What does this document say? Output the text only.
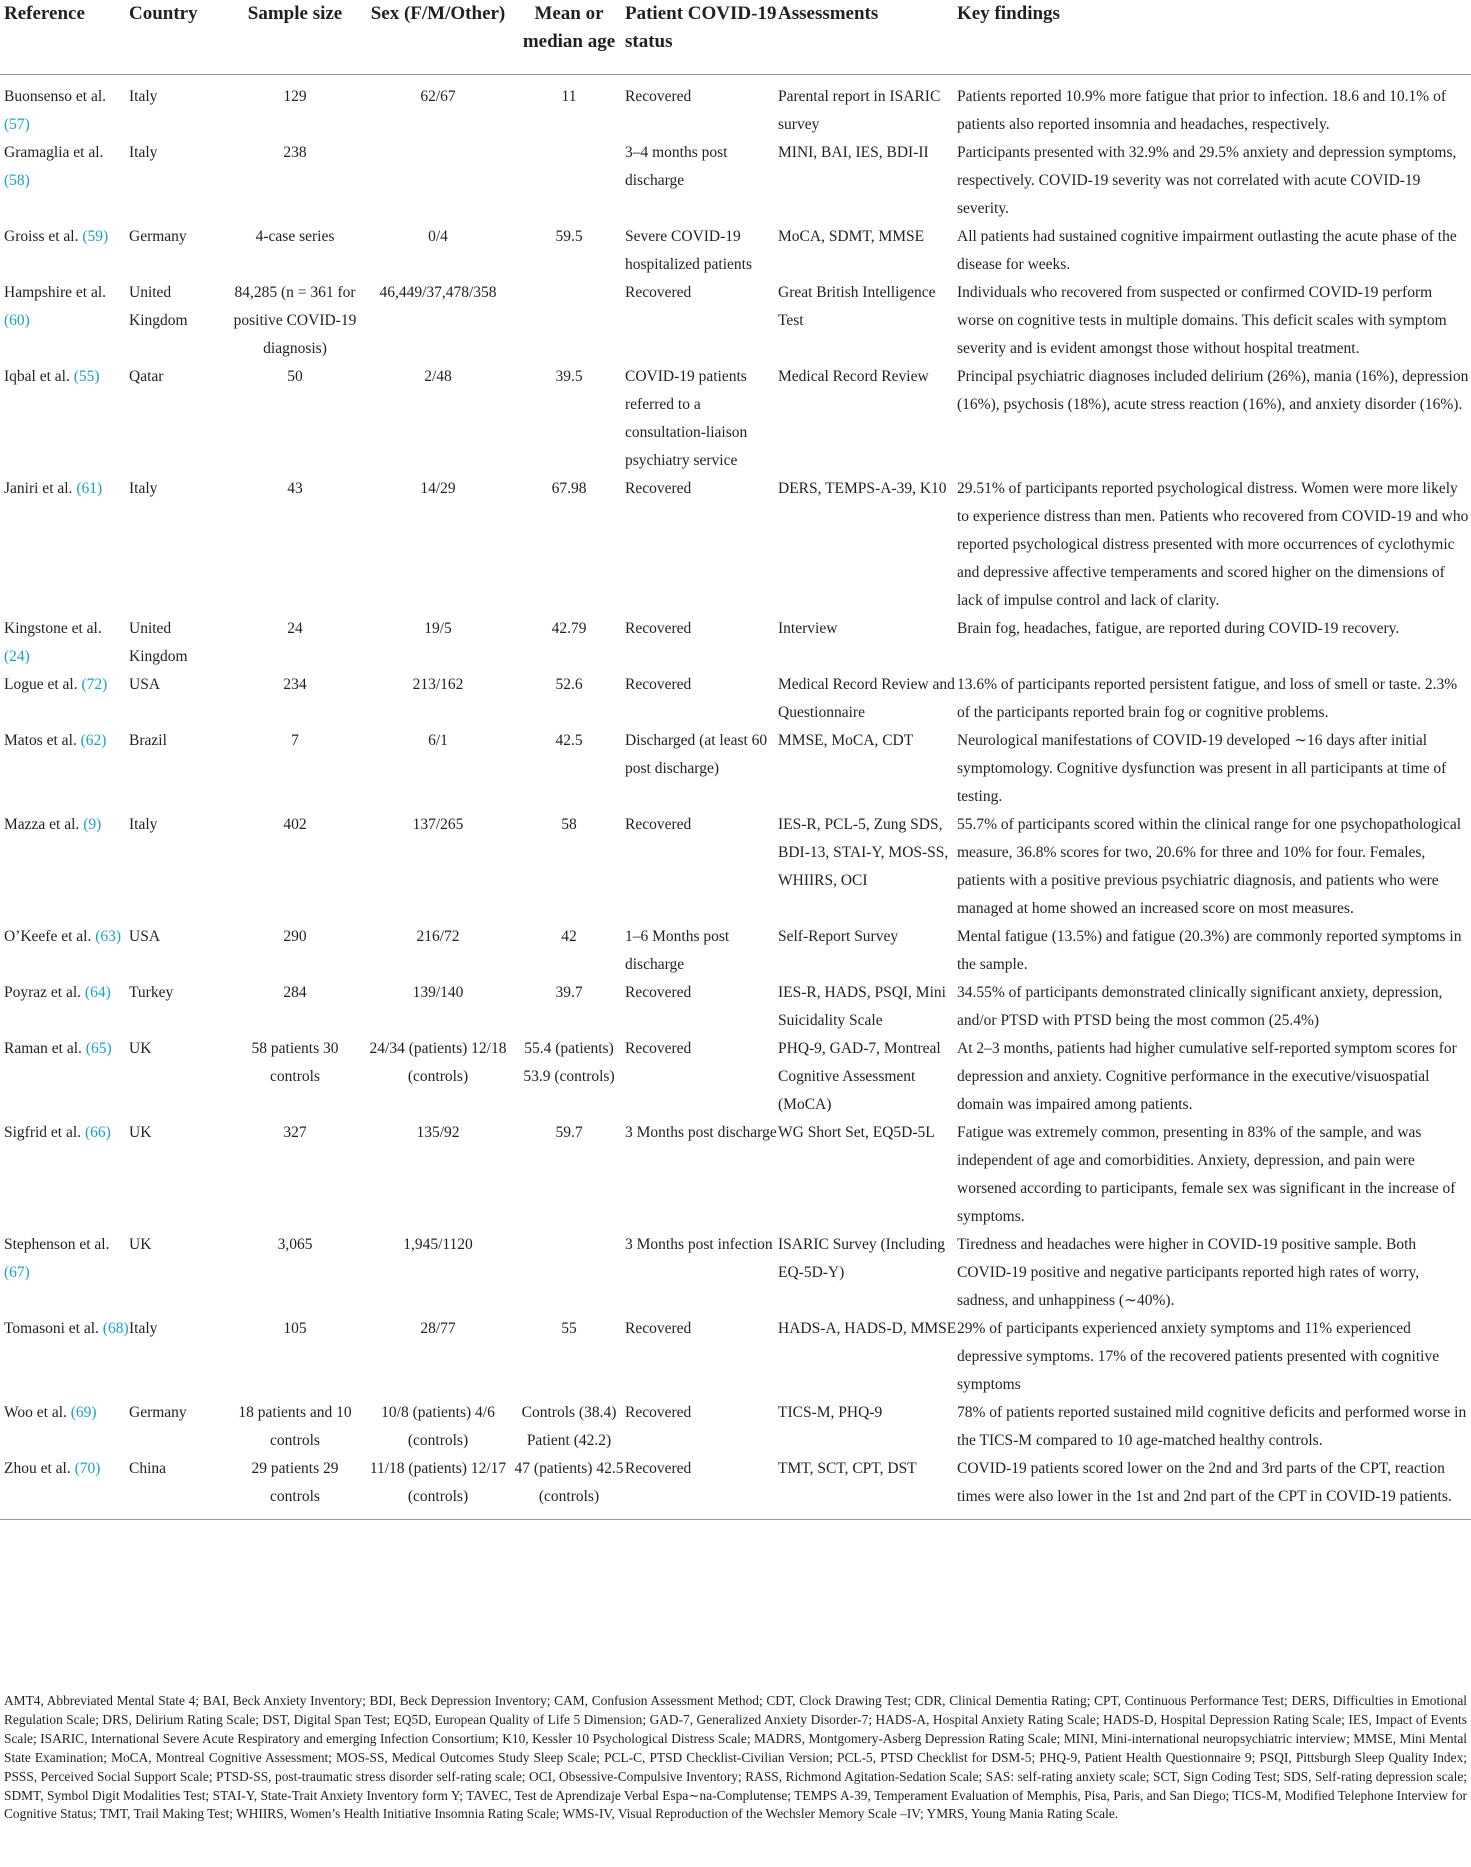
Reference	Country	Sample size	Sex (F/M/Other)	Mean or median age	Patient COVID-19 status	Assessments	Key findings
Buonsenso et al. (57)	Italy	129	62/67	11	Recovered	Parental report in ISARIC survey	Patients reported 10.9% more fatigue that prior to infection. 18.6 and 10.1% of patients also reported insomnia and headaches, respectively.
Gramaglia et al. (58)	Italy	238			3–4 months post discharge	MINI, BAI, IES, BDI-II	Participants presented with 32.9% and 29.5% anxiety and depression symptoms, respectively. COVID-19 severity was not correlated with acute COVID-19 severity.
Groiss et al. (59)	Germany	4-case series	0/4	59.5	Severe COVID-19 hospitalized patients	MoCA, SDMT, MMSE	All patients had sustained cognitive impairment outlasting the acute phase of the disease for weeks.
Hampshire et al. (60)	United Kingdom	84,285 (n = 361 for positive COVID-19 diagnosis)	46,449/37,478/358		Recovered	Great British Intelligence Test	Individuals who recovered from suspected or confirmed COVID-19 perform worse on cognitive tests in multiple domains. This deficit scales with symptom severity and is evident amongst those without hospital treatment.
Iqbal et al. (55)	Qatar	50	2/48	39.5	COVID-19 patients referred to a consultation-liaison psychiatry service	Medical Record Review	Principal psychiatric diagnoses included delirium (26%), mania (16%), depression (16%), psychosis (18%), acute stress reaction (16%), and anxiety disorder (16%).
Janiri et al. (61)	Italy	43	14/29	67.98	Recovered	DERS, TEMPS-A-39, K10	29.51% of participants reported psychological distress. Women were more likely to experience distress than men. Patients who recovered from COVID-19 and who reported psychological distress presented with more occurrences of cyclothymic and depressive affective temperaments and scored higher on the dimensions of lack of impulse control and lack of clarity.
Kingstone et al. (24)	United Kingdom	24	19/5	42.79	Recovered	Interview	Brain fog, headaches, fatigue, are reported during COVID-19 recovery.
Logue et al. (72)	USA	234	213/162	52.6	Recovered	Medical Record Review and Questionnaire	13.6% of participants reported persistent fatigue, and loss of smell or taste. 2.3% of the participants reported brain fog or cognitive problems.
Matos et al. (62)	Brazil	7	6/1	42.5	Discharged (at least 60 post discharge)	MMSE, MoCA, CDT	Neurological manifestations of COVID-19 developed ∼16 days after initial symptomology. Cognitive dysfunction was present in all participants at time of testing.
Mazza et al. (9)	Italy	402	137/265	58	Recovered	IES-R, PCL-5, Zung SDS, BDI-13, STAI-Y, MOS-SS, WHIIRS, OCI	55.7% of participants scored within the clinical range for one psychopathological measure, 36.8% scores for two, 20.6% for three and 10% for four. Females, patients with a positive previous psychiatric diagnosis, and patients who were managed at home showed an increased score on most measures.
O’Keefe et al. (63)	USA	290	216/72	42	1–6 Months post discharge	Self-Report Survey	Mental fatigue (13.5%) and fatigue (20.3%) are commonly reported symptoms in the sample.
Poyraz et al. (64)	Turkey	284	139/140	39.7	Recovered	IES-R, HADS, PSQI, Mini Suicidality Scale	34.55% of participants demonstrated clinically significant anxiety, depression, and/or PTSD with PTSD being the most common (25.4%)
Raman et al. (65)	UK	58 patients 30 controls	24/34 (patients) 12/18 (controls)	55.4 (patients) 53.9 (controls)	Recovered	PHQ-9, GAD-7, Montreal Cognitive Assessment (MoCA)	At 2–3 months, patients had higher cumulative self-reported symptom scores for depression and anxiety. Cognitive performance in the executive/visuospatial domain was impaired among patients.
Sigfrid et al. (66)	UK	327	135/92	59.7	3 Months post discharge	WG Short Set, EQ5D-5L	Fatigue was extremely common, presenting in 83% of the sample, and was independent of age and comorbidities. Anxiety, depression, and pain were worsened according to participants, female sex was significant in the increase of symptoms.
Stephenson et al. (67)	UK	3,065	1,945/1120		3 Months post infection	ISARIC Survey (Including EQ-5D-Y)	Tiredness and headaches were higher in COVID-19 positive sample. Both COVID-19 positive and negative participants reported high rates of worry, sadness, and unhappiness (∼40%).
Tomasoni et al. (68)	Italy	105	28/77	55	Recovered	HADS-A, HADS-D, MMSE	29% of participants experienced anxiety symptoms and 11% experienced depressive symptoms. 17% of the recovered patients presented with cognitive symptoms
Woo et al. (69)	Germany	18 patients and 10 controls	10/8 (patients) 4/6 (controls)	Controls (38.4) Patient (42.2)	Recovered	TICS-M, PHQ-9	78% of patients reported sustained mild cognitive deficits and performed worse in the TICS-M compared to 10 age-matched healthy controls.
Zhou et al. (70)	China	29 patients 29 controls	11/18 (patients) 12/17 (controls)	47 (patients) 42.5 (controls)	Recovered	TMT, SCT, CPT, DST	COVID-19 patients scored lower on the 2nd and 3rd parts of the CPT, reaction times were also lower in the 1st and 2nd part of the CPT in COVID-19 patients.
AMT4, Abbreviated Mental State 4; BAI, Beck Anxiety Inventory; BDI, Beck Depression Inventory; CAM, Confusion Assessment Method; CDT, Clock Drawing Test; CDR, Clinical Dementia Rating; CPT, Continuous Performance Test; DERS, Difficulties in Emotional Regulation Scale; DRS, Delirium Rating Scale; DST, Digital Span Test; EQ5D, European Quality of Life 5 Dimension; GAD-7, Generalized Anxiety Disorder-7; HADS-A, Hospital Anxiety Rating Scale; HADS-D, Hospital Depression Rating Scale; IES, Impact of Events Scale; ISARIC, International Severe Acute Respiratory and emerging Infection Consortium; K10, Kessler 10 Psychological Distress Scale; MADRS, Montgomery-Asberg Depression Rating Scale; MINI, Mini-international neuropsychiatric interview; MMSE, Mini Mental State Examination; MoCA, Montreal Cognitive Assessment; MOS-SS, Medical Outcomes Study Sleep Scale; PCL-C, PTSD Checklist-Civilian Version; PCL-5, PTSD Checklist for DSM-5; PHQ-9, Patient Health Questionnaire 9; PSQI, Pittsburgh Sleep Quality Index; PSSS, Perceived Social Support Scale; PTSD-SS, post-traumatic stress disorder self-rating scale; OCI, Obsessive-Compulsive Inventory; RASS, Richmond Agitation-Sedation Scale; SAS: self-rating anxiety scale; SCT, Sign Coding Test; SDS, Self-rating depression scale; SDMT, Symbol Digit Modalities Test; STAI-Y, State-Trait Anxiety Inventory form Y; TAVEC, Test de Aprendizaje Verbal Espa∼na-Complutense; TEMPS A-39, Temperament Evaluation of Memphis, Pisa, Paris, and San Diego; TICS-M, Modified Telephone Interview for Cognitive Status; TMT, Trail Making Test; WHIIRS, Women’s Health Initiative Insomnia Rating Scale; WMS-IV, Visual Reproduction of the Wechsler Memory Scale –IV; YMRS, Young Mania Rating Scale.
